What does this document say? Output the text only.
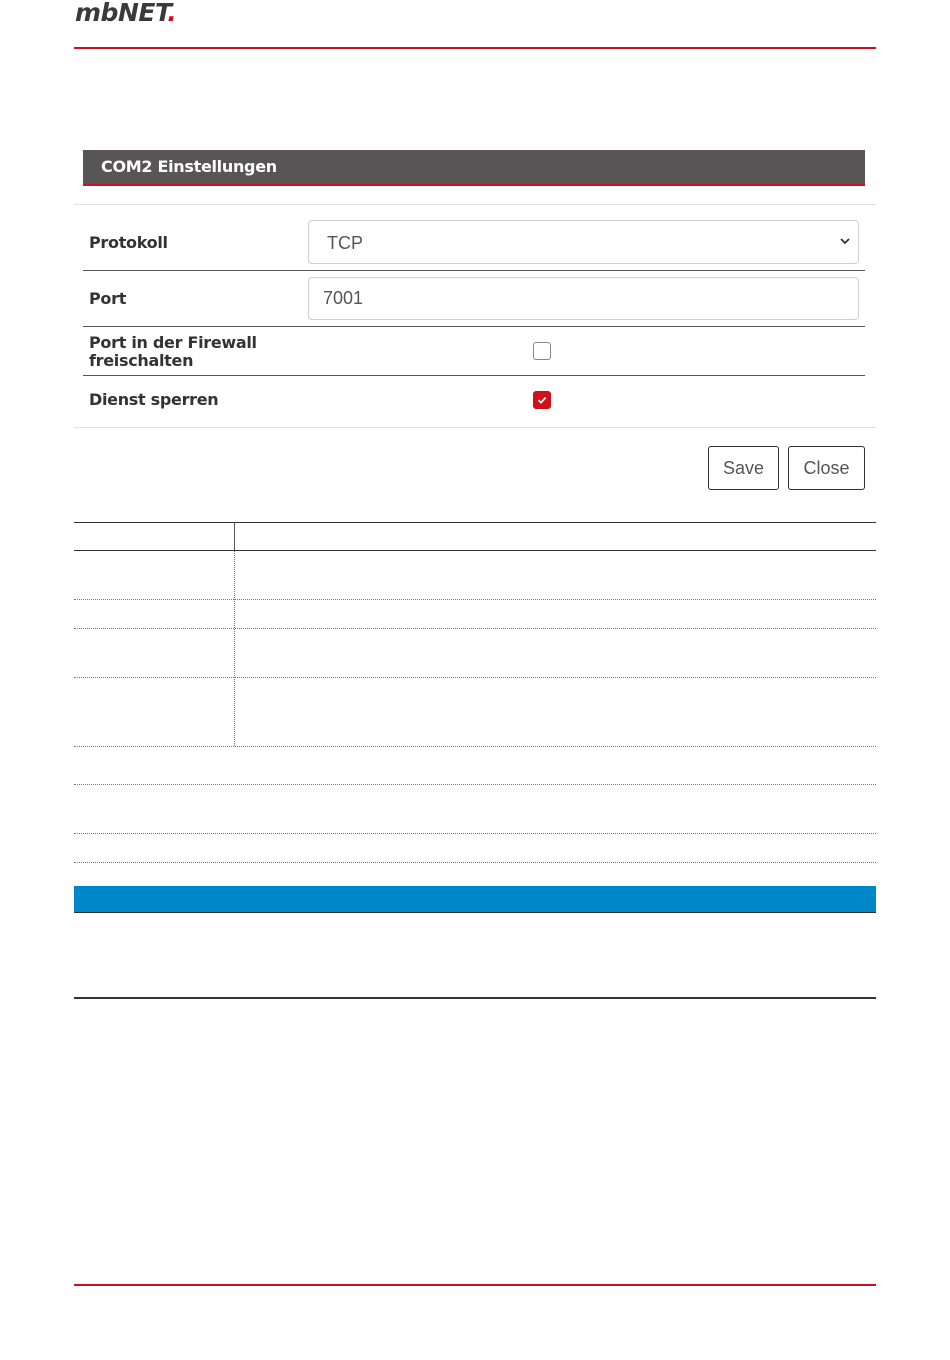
mbNET.
COM2 Einstellungen
Protokoll	TCP
Port	7001
Port in der Firewall
freischalten
Dienst sperren
Save	Close
